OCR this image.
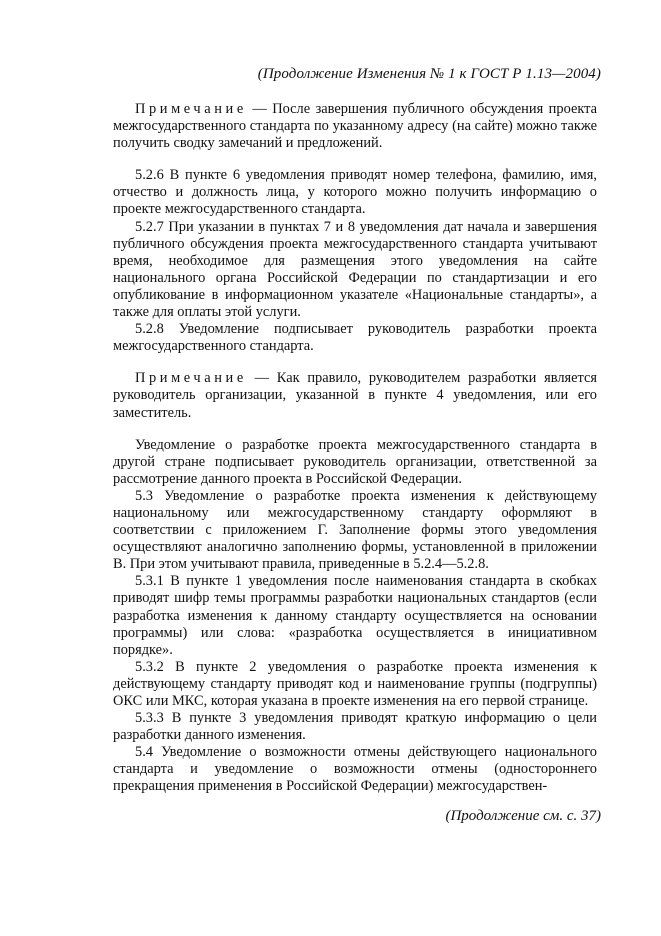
(Продолжение Изменения № 1 к ГОСТ Р 1.13—2004)

Примечание — После завершения публичного обсуждения проекта межгосударственного стандарта по указанному адресу (на сайте) можно также получить сводку замечаний и предложений.

5.2.6 В пункте 6 уведомления приводят номер телефона, фамилию, имя, отчество и должность лица, у которого можно получить информацию о проекте межгосударственного стандарта.

5.2.7 При указании в пунктах 7 и 8 уведомления дат начала и завершения публичного обсуждения проекта межгосударственного стандарта учитывают время, необходимое для размещения этого уведомления на сайте национального органа Российской Федерации по стандартизации и его опубликование в информационном указателе «Национальные стандарты», а также для оплаты этой услуги.

5.2.8 Уведомление подписывает руководитель разработки проекта межгосударственного стандарта.

Примечание — Как правило, руководителем разработки является руководитель организации, указанной в пункте 4 уведомления, или его заместитель.

Уведомление о разработке проекта межгосударственного стандарта в другой стране подписывает руководитель организации, ответственной за рассмотрение данного проекта в Российской Федерации.

5.3 Уведомление о разработке проекта изменения к действующему национальному или межгосударственному стандарту оформляют в соответствии с приложением Г. Заполнение формы этого уведомления осуществляют аналогично заполнению формы, установленной в приложении В. При этом учитывают правила, приведенные в 5.2.4—5.2.8.

5.3.1 В пункте 1 уведомления после наименования стандарта в скобках приводят шифр темы программы разработки национальных стандартов (если разработка изменения к данному стандарту осуществляется на основании программы) или слова: «разработка осуществляется в инициативном порядке».

5.3.2 В пункте 2 уведомления о разработке проекта изменения к действующему стандарту приводят код и наименование группы (подгруппы) ОКС или МКС, которая указана в проекте изменения на его первой странице.

5.3.3 В пункте 3 уведомления приводят краткую информацию о цели разработки данного изменения.

5.4 Уведомление о возможности отмены действующего национального стандарта и уведомление о возможности отмены (одностороннего прекращения применения в Российской Федерации) межгосударствен-

(Продолжение см. с. 37)
